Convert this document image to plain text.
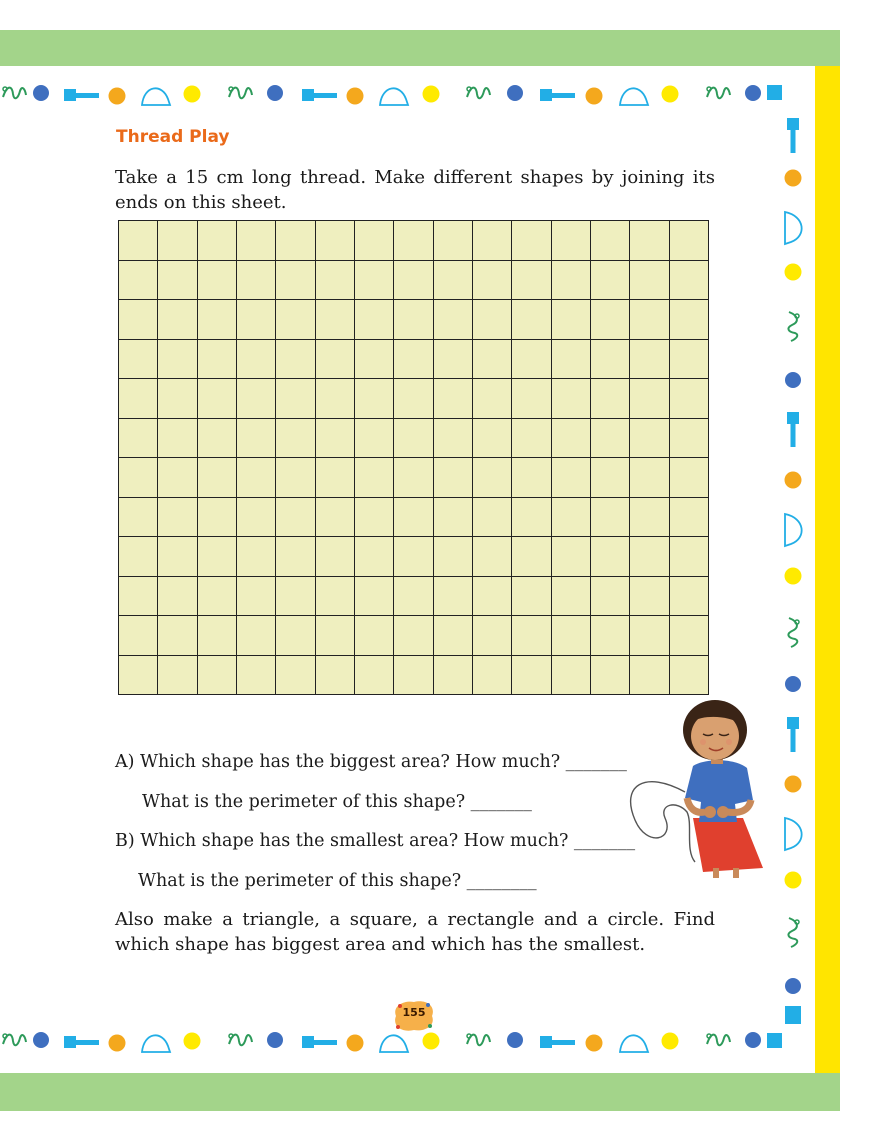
Thread Play

Take a 15 cm long thread. Make different shapes by joining its ends on this sheet.

A) Which shape has the biggest area? How much? _______

What is the perimeter of this shape? _______

B) Which shape has the smallest area? How much? _______

What is the perimeter of this shape? ________

Also make a triangle, a square, a rectangle and a circle. Find which shape has biggest area and which has the smallest.

155
